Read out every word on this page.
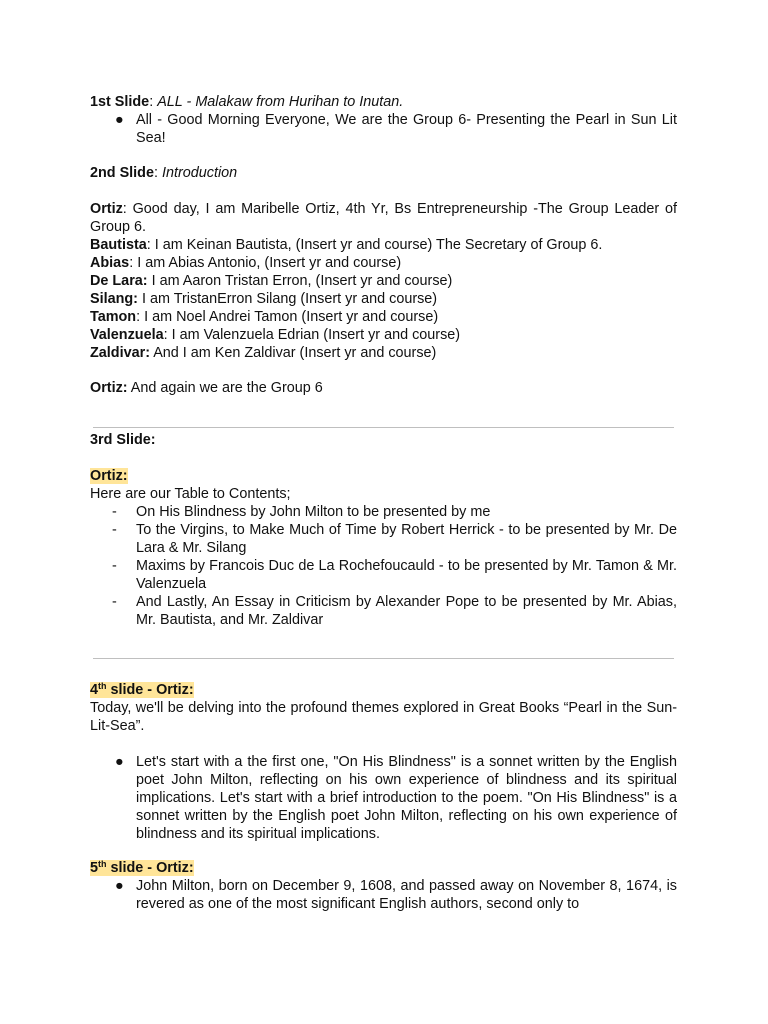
1st Slide: ALL - Malakaw from Hurihan to Inutan.

● All - Good Morning Everyone, We are the Group 6- Presenting the Pearl in Sun Lit Sea!

2nd Slide: Introduction

Ortiz: Good day, I am Maribelle Ortiz, 4th Yr, Bs Entrepreneurship -The Group Leader of Group 6.

Bautista: I am Keinan Bautista, (Insert yr and course) The Secretary of Group 6.

Abias: I am Abias Antonio, (Insert yr and course)

De Lara: I am Aaron Tristan Erron, (Insert yr and course)

Silang: I am TristanErron Silang (Insert yr and course)

Tamon: I am Noel Andrei Tamon (Insert yr and course)

Valenzuela: I am Valenzuela Edrian (Insert yr and course)

Zaldivar: And I am Ken Zaldivar (Insert yr and course)

Ortiz: And again we are the Group 6

3rd Slide:

Ortiz:

Here are our Table to Contents;

- On His Blindness by John Milton to be presented by me
- To the Virgins, to Make Much of Time by Robert Herrick - to be presented by Mr. De Lara & Mr. Silang
- Maxims by Francois Duc de La Rochefoucauld - to be presented by Mr. Tamon & Mr. Valenzuela
- And Lastly, An Essay in Criticism by Alexander Pope to be presented by Mr. Abias, Mr. Bautista, and Mr. Zaldivar

4th slide - Ortiz:

Today, we'll be delving into the profound themes explored in Great Books “Pearl in the Sun-Lit-Sea”.

● Let's start with a the first one, "On His Blindness" is a sonnet written by the English poet John Milton, reflecting on his own experience of blindness and its spiritual implications. Let's start with a brief introduction to the poem. "On His Blindness" is a sonnet written by the English poet John Milton, reflecting on his own experience of blindness and its spiritual implications.

5th slide - Ortiz:

● John Milton, born on December 9, 1608, and passed away on November 8, 1674, is revered as one of the most significant English authors, second only to
